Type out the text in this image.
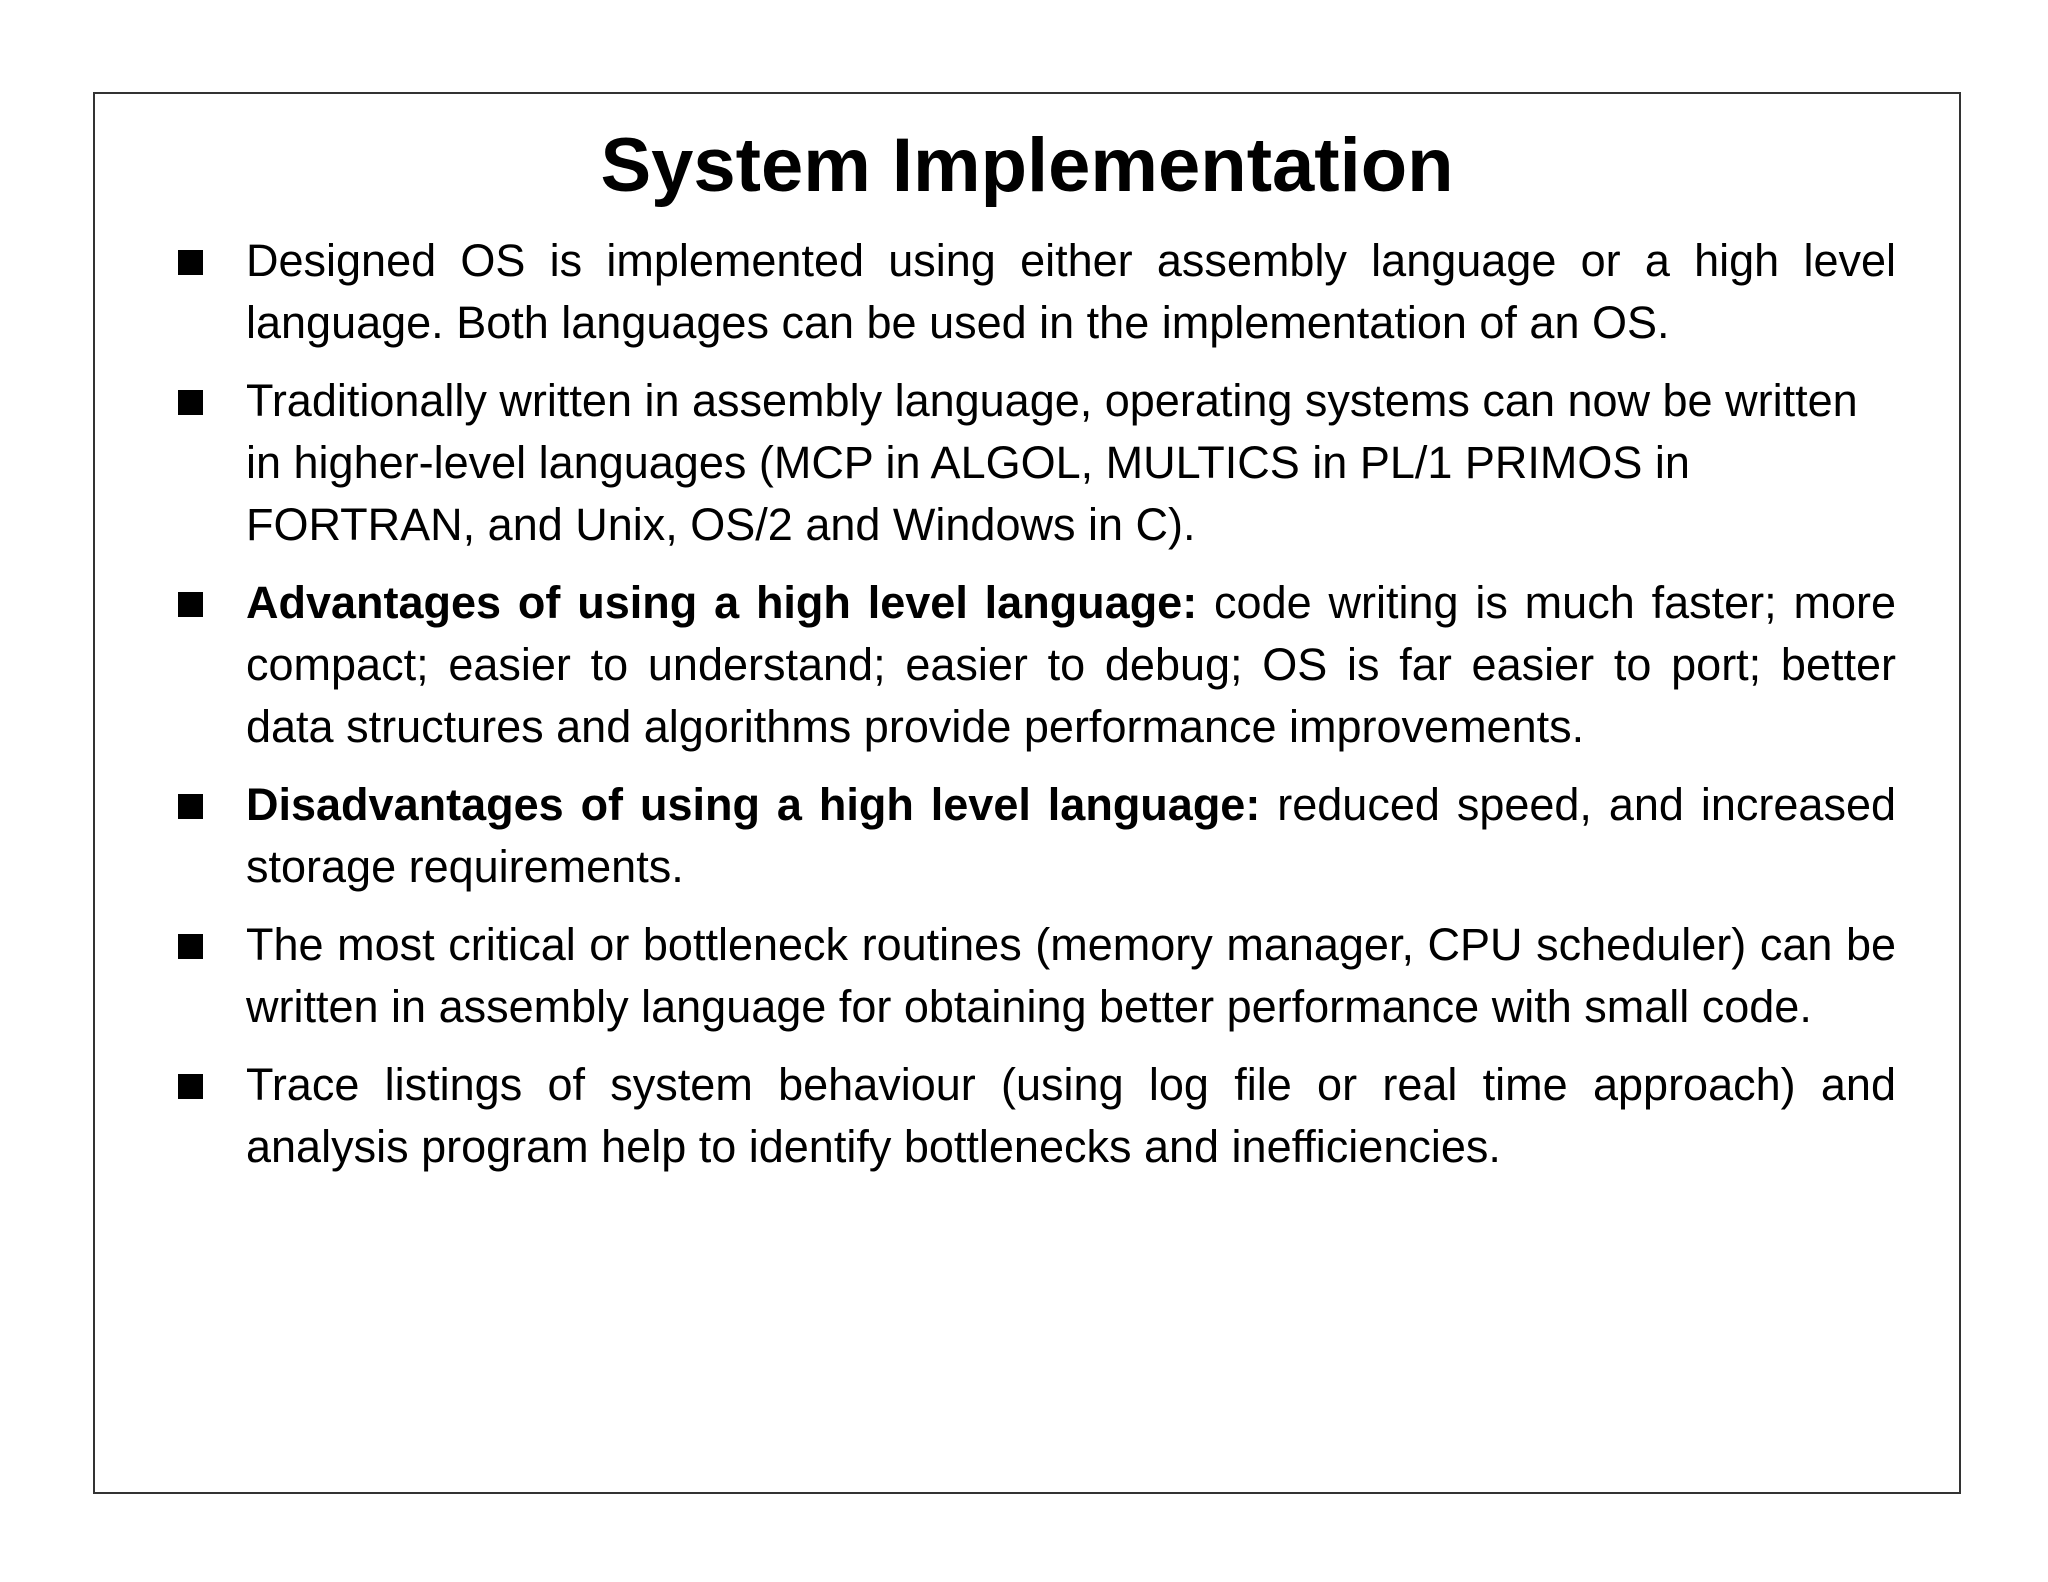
System Implementation
Designed OS is implemented using either assembly language or a high level language. Both languages can be used in the implementation of an OS.
Traditionally written in assembly language, operating systems can now be written in higher-level languages (MCP in ALGOL, MULTICS in PL/1 PRIMOS in FORTRAN, and Unix, OS/2 and Windows in C).
Advantages of using a high level language: code writing is much faster; more compact; easier to understand; easier to debug; OS is far easier to port; better data structures and algorithms provide performance improvements.
Disadvantages of using a high level language: reduced speed, and increased storage requirements.
The most critical or bottleneck routines (memory manager, CPU scheduler) can be written in assembly language for obtaining better performance with small code.
Trace listings of system behaviour (using log file or real time approach) and analysis program help to identify bottlenecks and inefficiencies.
